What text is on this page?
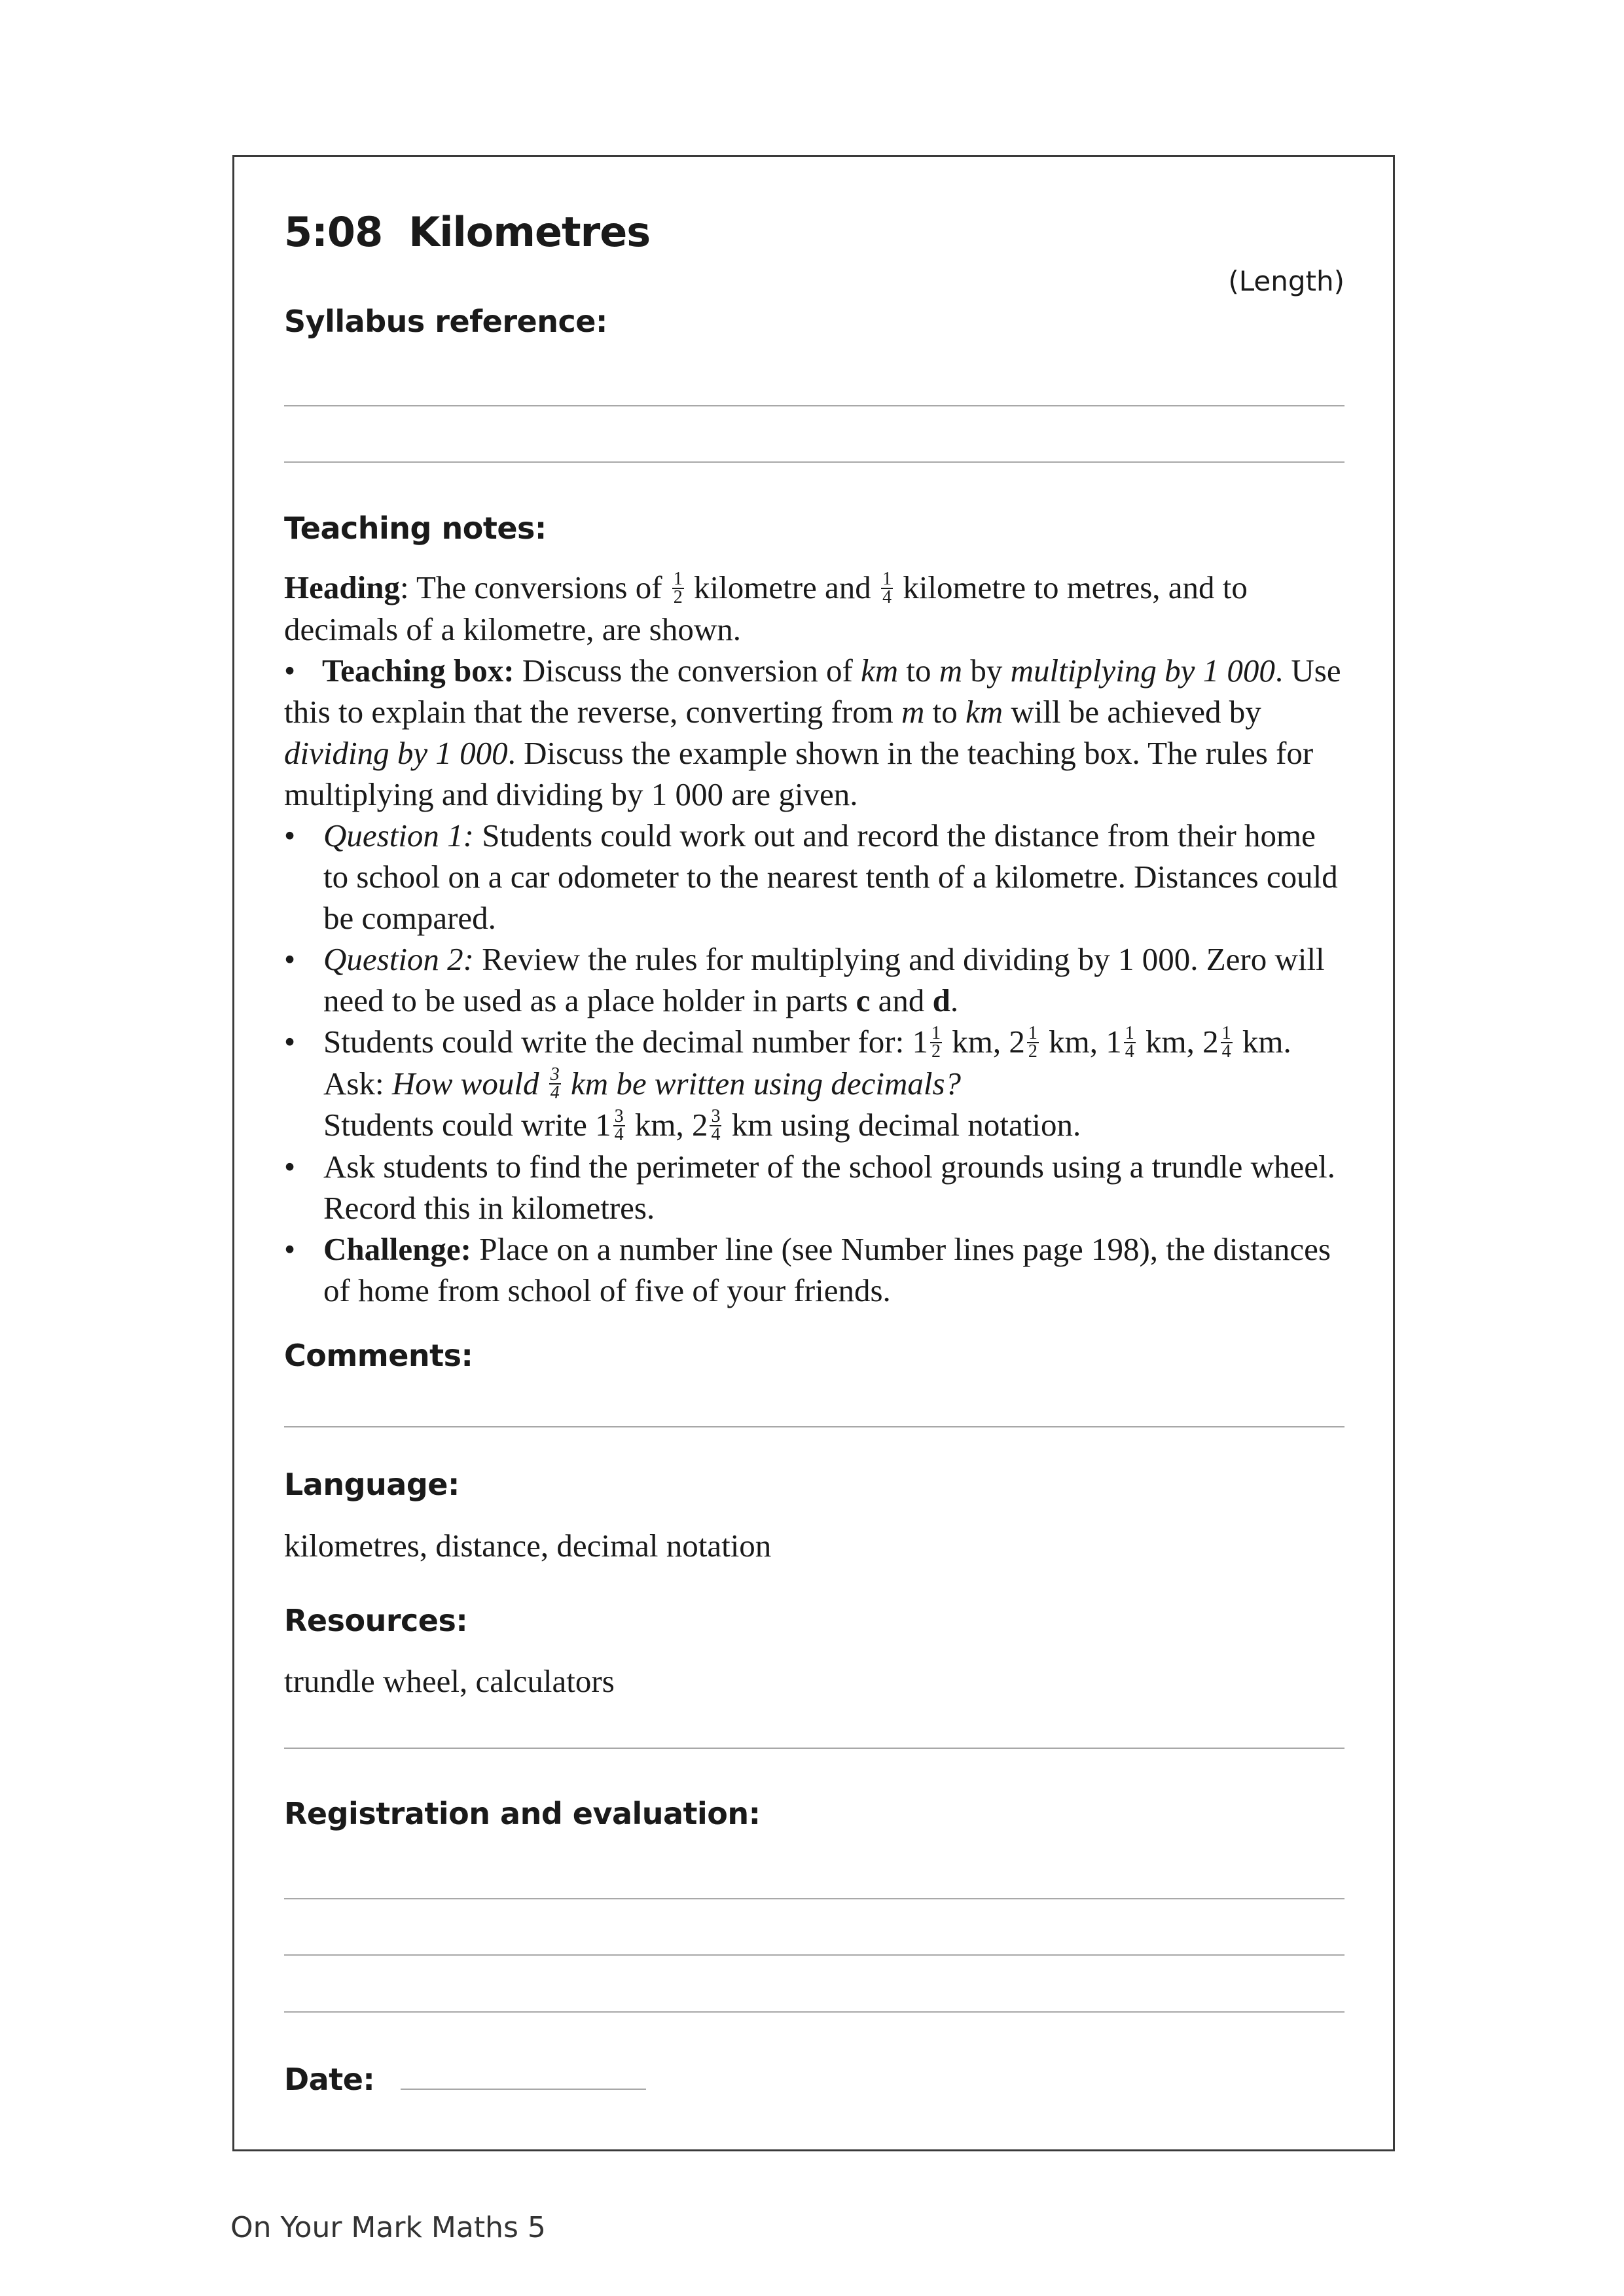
5:08 Kilometres
(Length)
Syllabus reference:
Teaching notes:

Heading: The conversions of $\frac{1}{2}$ kilometre and $\frac{1}{4}$ kilometre to metres, and to decimals of a kilometre, are shown.

• Teaching box: Discuss the conversion of km to m by multiplying by 1 000. Use this to explain that the reverse, converting from m to km will be achieved by dividing by 1 000. Discuss the example shown in the teaching box. The rules for multiplying and dividing by 1 000 are given.

• Question 1: Students could work out and record the distance from their home to school on a car odometer to the nearest tenth of a kilometre. Distances could be compared.

• Question 2: Review the rules for multiplying and dividing by 1 000. Zero will need to be used as a place holder in parts c and d.

• Students could write the decimal number for: $1 \frac{1}{2}$ km, $2 \frac{1}{2}$ km, $1 \frac{1}{4}$ km, $2 \frac{1}{4}$ km.
Ask: How would $\frac{3}{4}$ km be written using decimals?
Students could write $1 \frac{3}{4}$ km, $2 \frac{3}{4}$ km using decimal notation.

• Ask students to find the perimeter of the school grounds using a trundle wheel. Record this in kilometres.

• Challenge: Place on a number line (see Number lines page 198), the distances of home from school of five of your friends.

Comments:
Language:
kilometres, distance, decimal notation
Resources:
trundle wheel, calculators
Registration and evaluation:
Date:
On Your Mark Maths 5
